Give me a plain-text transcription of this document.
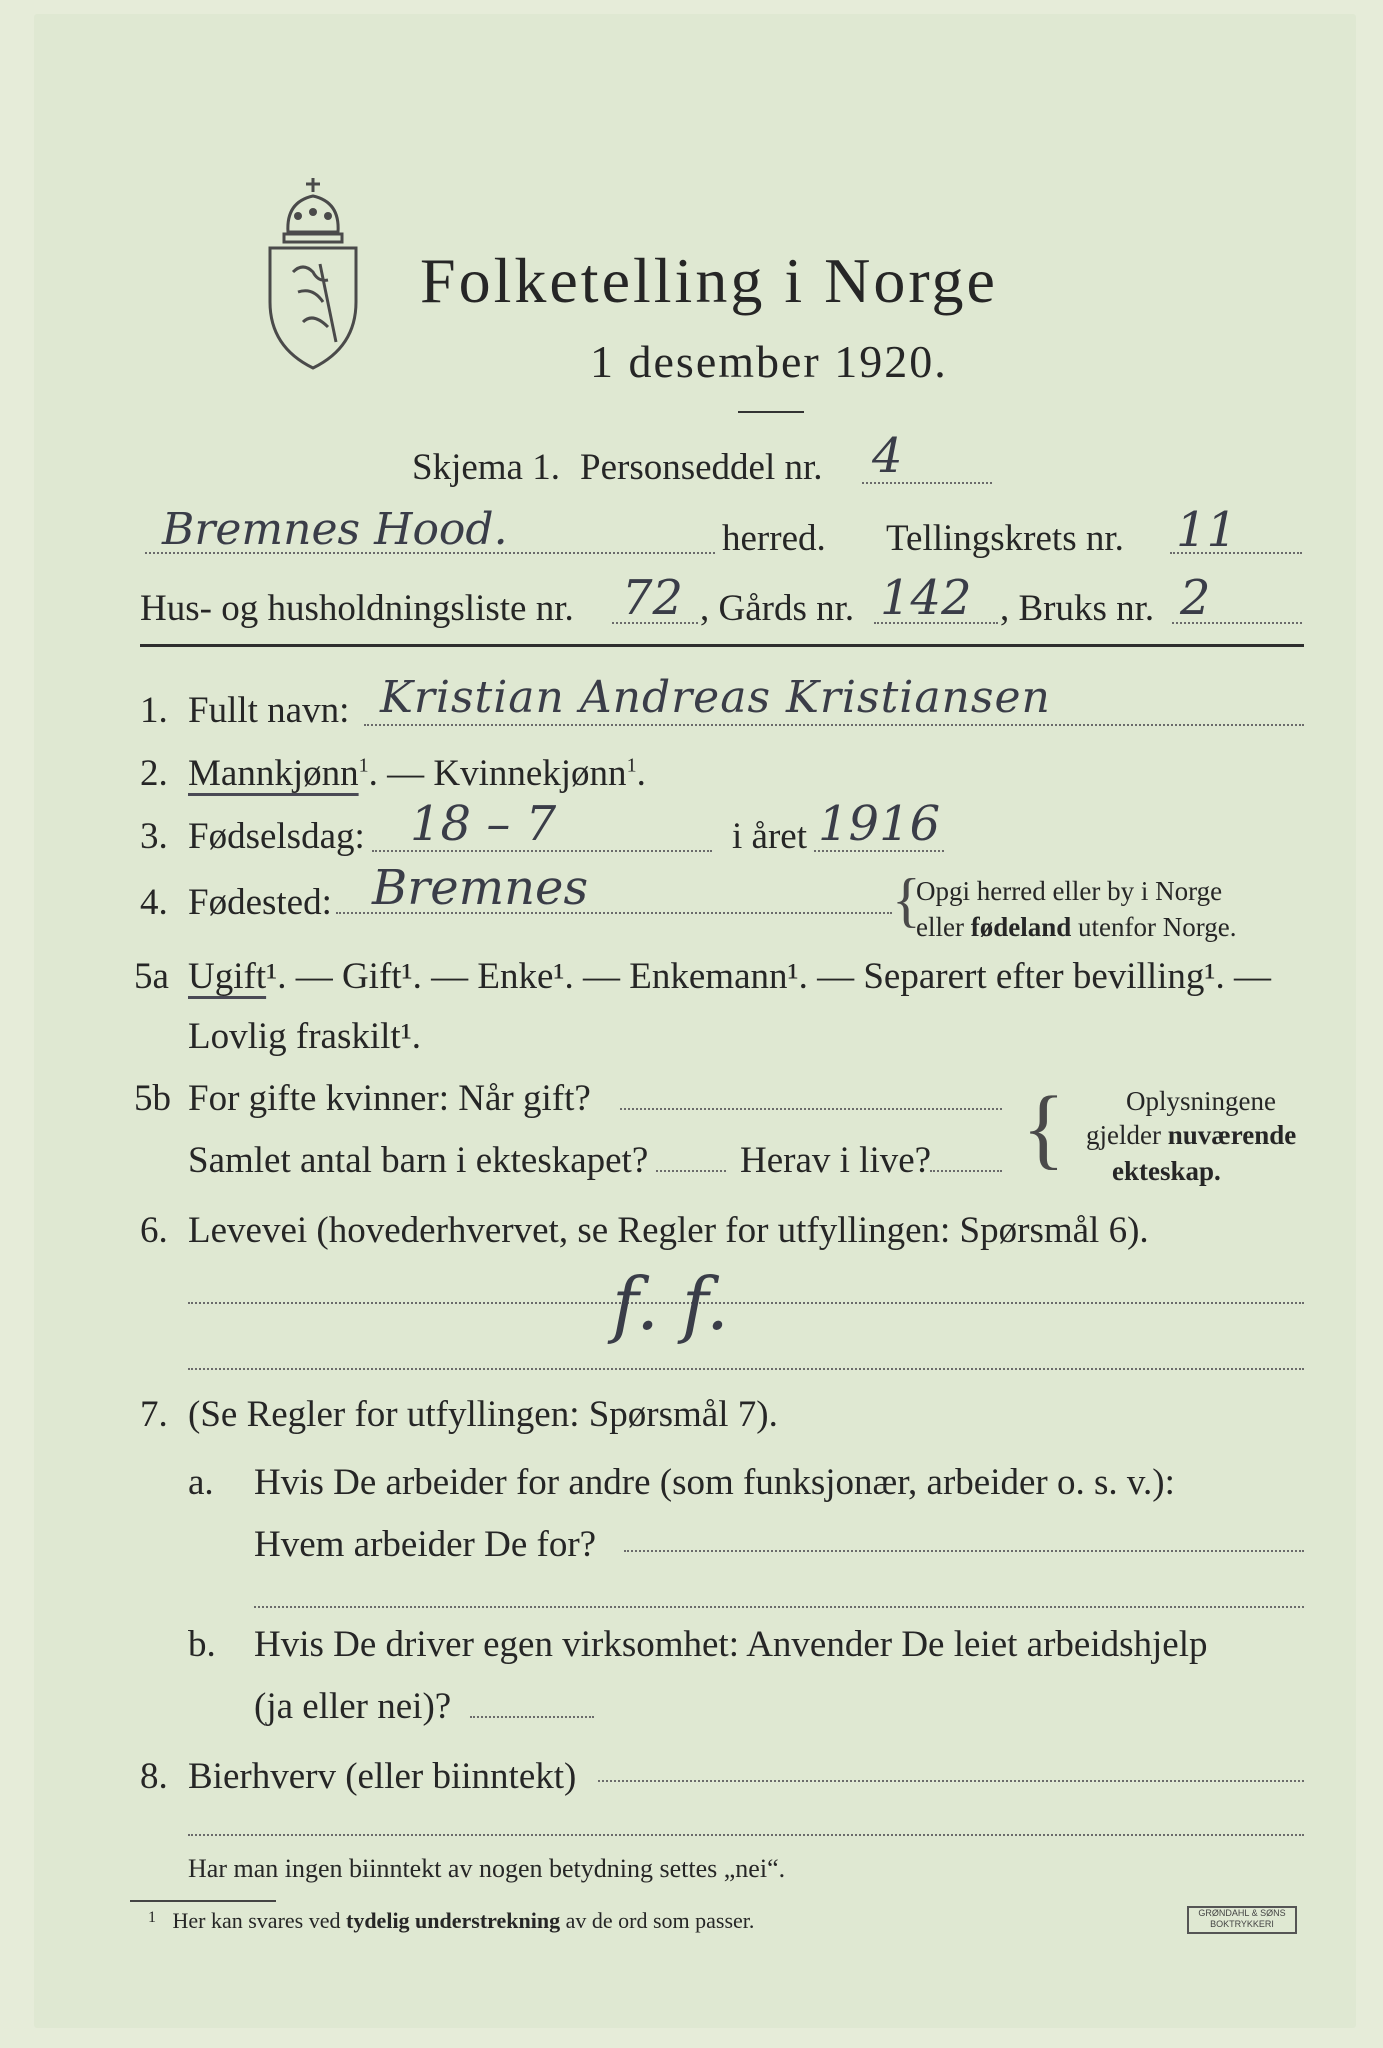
Folketelling i Norge
1 desember 1920.
Skjema 1. Personseddel nr. 4
Bremnes Hood.	herred. Tellingskrets nr. 11
Hus- og husholdningsliste nr. 72 , Gårds nr. 142 , Bruks nr. 2
1. Fullt navn: Kristian Andreas Kristiansen
2. Mannkjønn$^1$. — Kvinnekjønn$^1$.
3. Fødselsdag: 18 – 7	i året 1916
4. Fødested: Bremnes	{
Opgi herred eller by i Norge
eller fødeland utenfor Norge.
5a Ugift¹. — Gift¹. — Enke¹. — Enkemann¹. — Separert efter bevilling¹. —
Lovlig fraskilt¹.
5b For gifte kvinner: Når gift?
Samlet antal barn i ekteskapet? Herav i live? { Oplysningene
gjelder nuværende
ekteskap.
6. Levevei (hovederhvervet, se Regler for utfyllingen: Spørsmål 6).
f. f.
7. (Se Regler for utfyllingen: Spørsmål 7).
a. Hvis De arbeider for andre (som funksjonær, arbeider o. s. v.):
Hvem arbeider De for?
b. Hvis De driver egen virksomhet: Anvender De leiet arbeidshjelp
(ja eller nei)?
8. Bierhverv (eller biinntekt)
Har man ingen biinntekt av nogen betydning settes „nei“.
$^1$ Her kan svares ved tydelig understrekning av de ord som passer.	GRØNDAHL & SØNS BOKTRYKKERI
